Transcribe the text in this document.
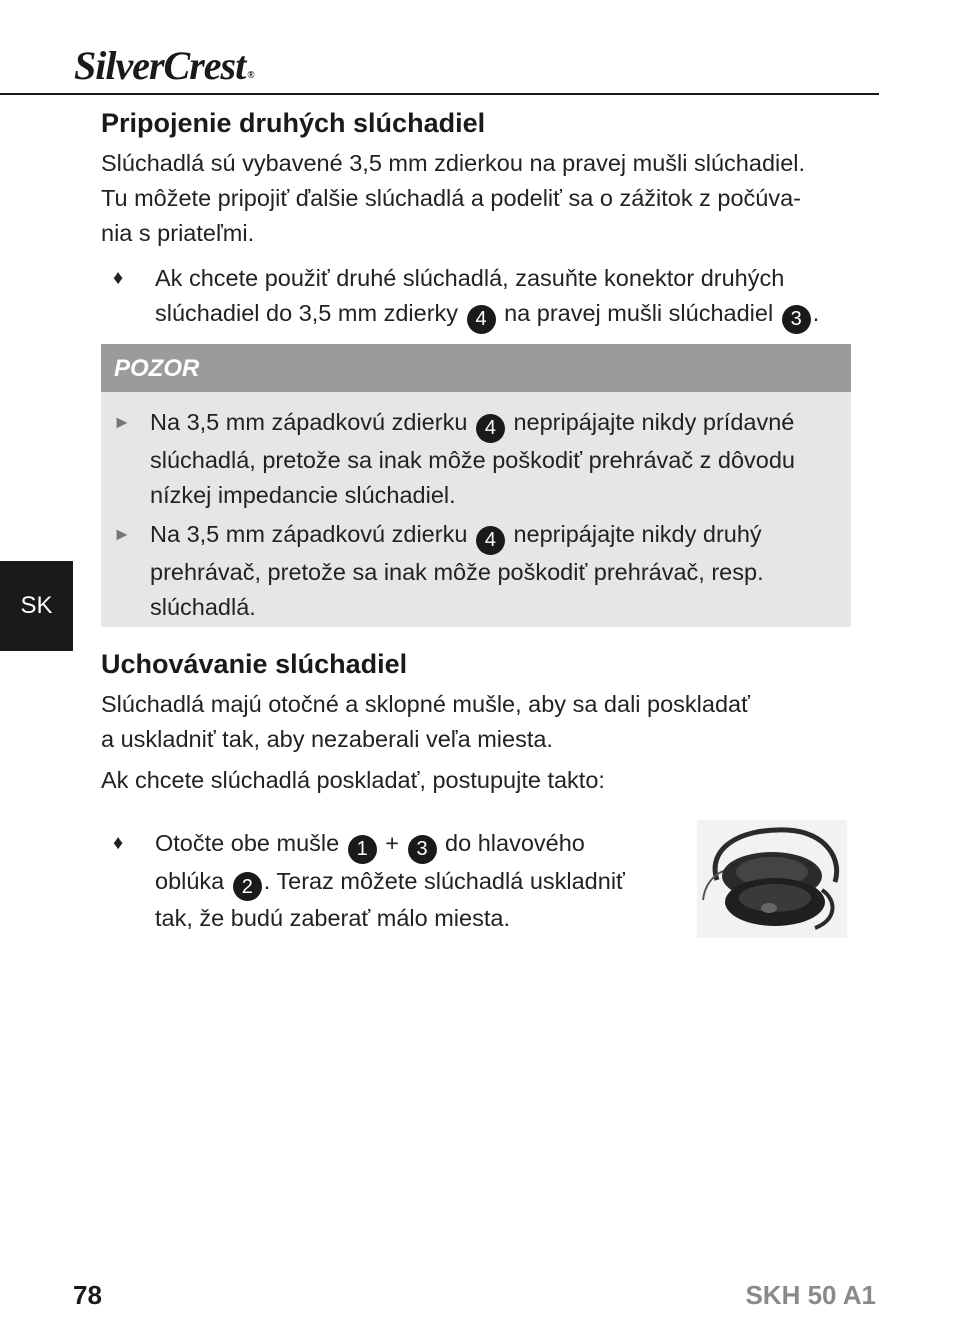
SilverCrest ®
SK
Pripojenie druhých slúchadiel

Slúchadlá sú vybavené 3,5 mm zdierkou na pravej mušli slúchadiel.

Tu môžete pripojiť ďalšie slúchadlá a podeliť sa o zážitok z počúva-

nia s priateľmi.

♦	Ak chcete použiť druhé slúchadlá, zasuňte konektor druhých
slúchadiel do 3,5 mm zdierky 4 na pravej mušli slúchadiel 3 .
POZOR
► Na 3,5 mm západkovú zdierku 4 nepripájajte nikdy prídavné
slúchadlá, pretože sa inak môže poškodiť prehrávač z dôvodu
nízkej impedancie slúchadiel.
► Na 3,5 mm západkovú zdierku 4 nepripájajte nikdy druhý
prehrávač, pretože sa inak môže poškodiť prehrávač, resp.
slúchadlá.
Uchovávanie slúchadiel

Slúchadlá majú otočné a sklopné mušle, aby sa dali poskladať

a uskladniť tak, aby nezaberali veľa miesta.

Ak chcete slúchadlá poskladať, postupujte takto:

♦	Otočte obe mušle 1 + 3 do hlavového
oblúka 2 . Teraz môžete slúchadlá uskladniť
tak, že budú zaberať málo miesta.
78	SKH 50 A1
